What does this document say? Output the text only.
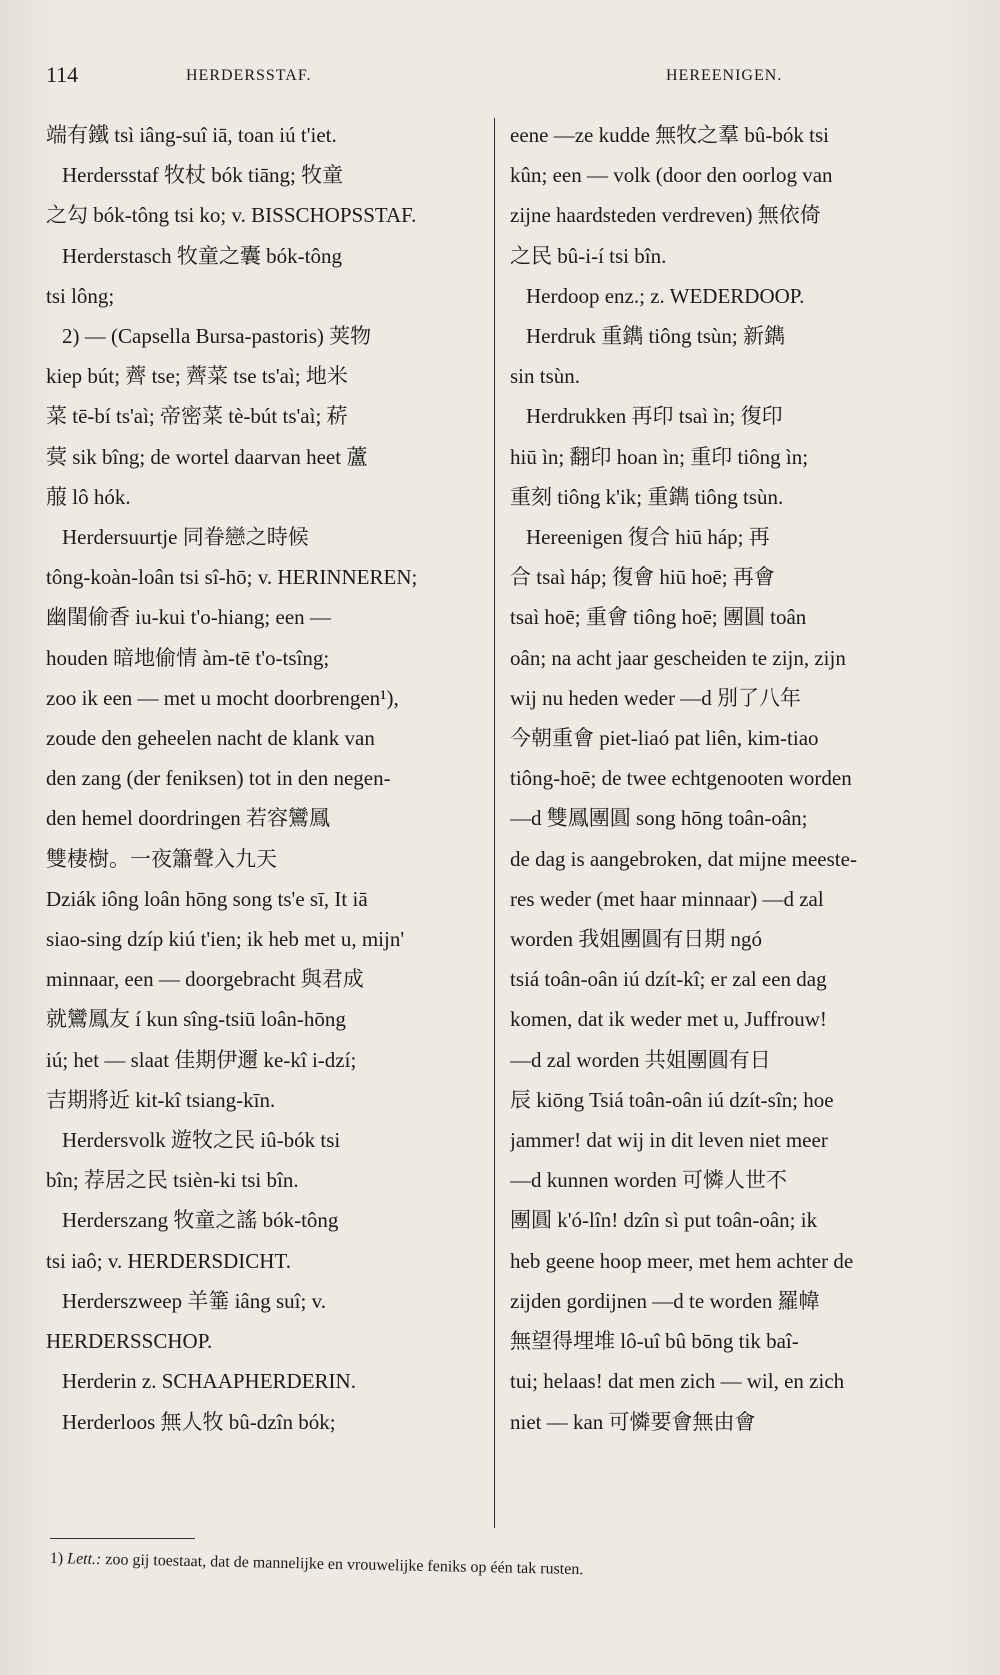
114	HERDERSSTAF.	HEREENIGEN.
端有鐵 tsì iâng-suî iā, toan iú t'iet.
Herdersstaf 牧杖 bók tiāng; 牧童
之勾 bók-tông tsi ko; v. BISSCHOPSSTAF.
Herderstasch 牧童之囊 bók-tông
tsi lông;
2) — (Capsella Bursa-pastoris) 荚物
kiep bút; 薺 tse; 薺菜 tse ts'aì; 地米
菜 tē-bí ts'aì; 帝密菜 tè-bút ts'aì; 菥
蓂 sik bîng; de wortel daarvan heet 蘆
菔 lô hók.
Herdersuurtje 同眷戀之時候
tông-koàn-loân tsi sî-hō; v. HERINNEREN;
幽閨偷香 iu-kui t'o-hiang; een —
houden 暗地偷情 àm-tē t'o-tsîng;
zoo ik een — met u mocht doorbrengen¹),
zoude den geheelen nacht de klank van
den zang (der feniksen) tot in den negen-
den hemel doordringen 若容鸞鳳
雙棲樹。一夜簫聲入九天
Dziák iông loân hōng song ts'e sī, It iā
siao-sing dzíp kiú t'ien; ik heb met u, mijn'
minnaar, een — doorgebracht 與君成
就鸞鳳友 í kun sîng-tsiū loân-hōng
iú; het — slaat 佳期伊邇 ke-kî i-dzí;
吉期將近 kit-kî tsiang-kīn.
Herdersvolk 遊牧之民 iû-bók tsi
bîn; 荐居之民 tsièn-ki tsi bîn.
Herderszang 牧童之謠 bók-tông
tsi iaô; v. HERDERSDICHT.
Herderszweep 羊箠 iâng suî; v.
HERDERSSCHOP.
Herderin z. SCHAAPHERDERIN.
Herderloos 無人牧 bû-dzîn bók;
eene —ze kudde 無牧之羣 bû-bók tsi
kûn; een — volk (door den oorlog van
zijne haardsteden verdreven) 無依倚
之民 bû-i-í tsi bîn.
Herdoop enz.; z. WEDERDOOP.
Herdruk 重鐫 tiông tsùn; 新鐫
sin tsùn.
Herdrukken 再印 tsaì ìn; 復印
hiū ìn; 翻印 hoan ìn; 重印 tiông ìn;
重刻 tiông k'ik; 重鐫 tiông tsùn.
Hereenigen 復合 hiū háp; 再
合 tsaì háp; 復會 hiū hoē; 再會
tsaì hoē; 重會 tiông hoē; 團圓 toân
oân; na acht jaar gescheiden te zijn, zijn
wij nu heden weder —d 別了八年
今朝重會 piet-liaó pat liên, kim-tiao
tiông-hoē; de twee echtgenooten worden
—d 雙鳳團圓 song hōng toân-oân;
de dag is aangebroken, dat mijne meeste-
res weder (met haar minnaar) —d zal
worden 我姐團圓有日期 ngó
tsiá toân-oân iú dzít-kî; er zal een dag
komen, dat ik weder met u, Juffrouw!
—d zal worden 共姐團圓有日
辰 kiōng Tsiá toân-oân iú dzít-sîn; hoe
jammer! dat wij in dit leven niet meer
—d kunnen worden 可憐人世不
團圓 k'ó-lîn! dzîn sì put toân-oân; ik
heb geene hoop meer, met hem achter de
zijden gordijnen —d te worden 羅幃
無望得埋堆 lô-uî bû bōng tik baî-
tui; helaas! dat men zich — wil, en zich
niet — kan 可憐要會無由會
1) Lett.: zoo gij toestaat, dat de mannelijke en vrouwelijke feniks op één tak rusten.
